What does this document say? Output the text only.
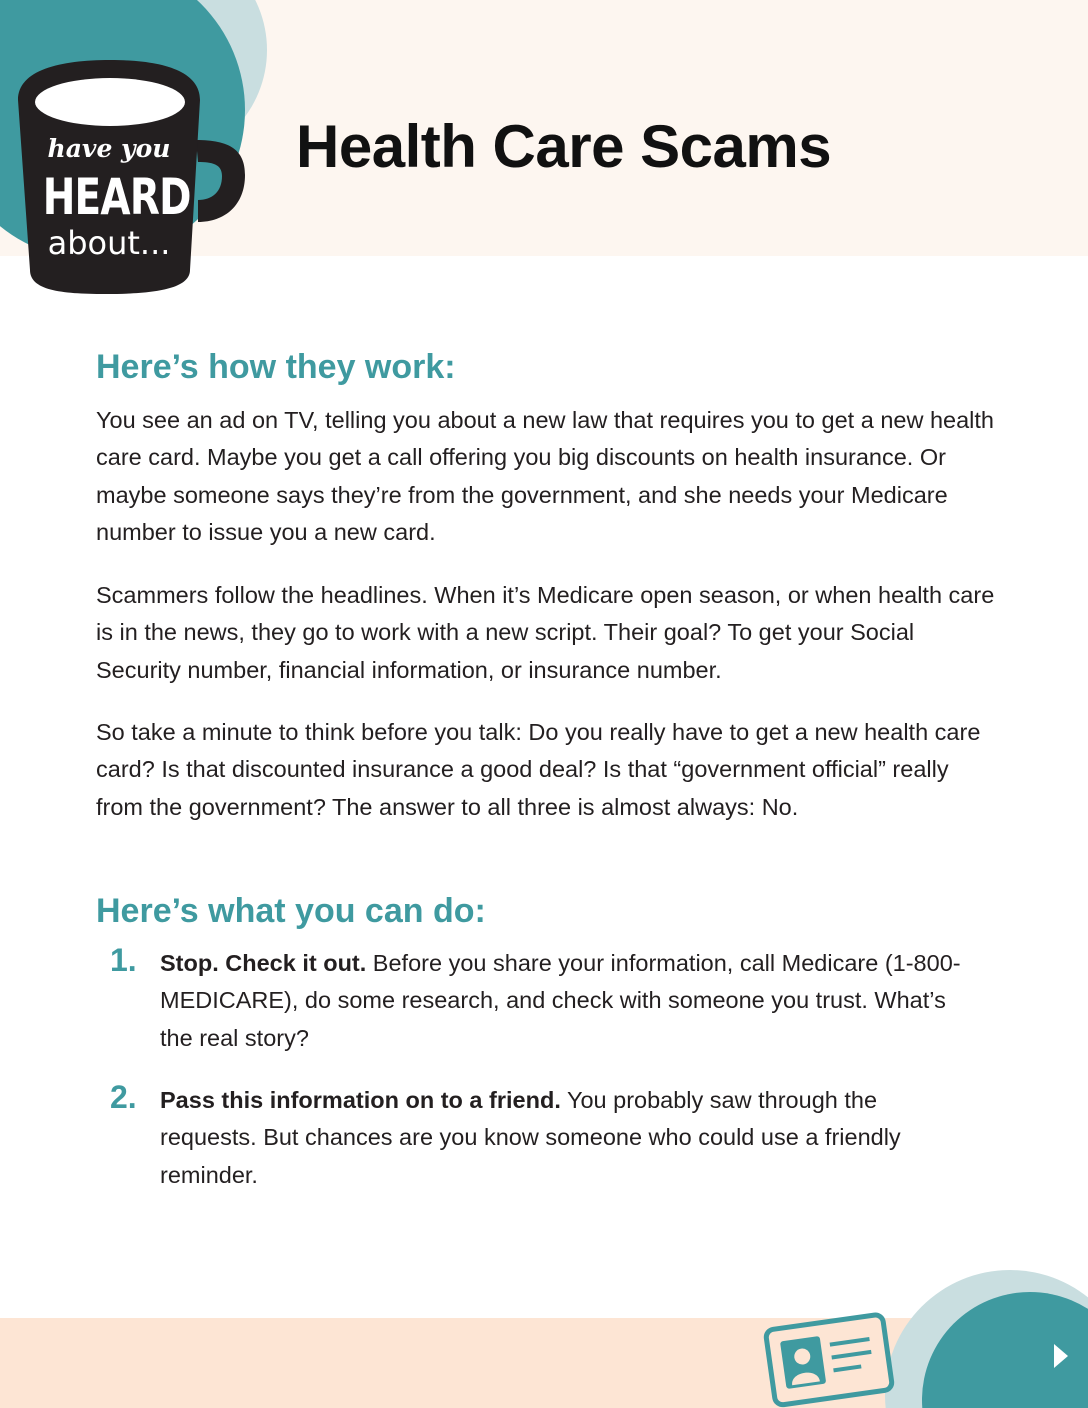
have you
HEARD
about...
Health Care Scams
Here’s how they work:

You see an ad on TV, telling you about a new law that requires you to get a new health care card. Maybe you get a call offering you big discounts on health insurance. Or maybe someone says they’re from the government, and she needs your Medicare number to issue you a new card.

Scammers follow the headlines. When it’s Medicare open season, or when health care is in the news, they go to work with a new script. Their goal? To get your Social Security number, financial information, or insurance number.

So take a minute to think before you talk: Do you really have to get a new health care card? Is that discounted insurance a good deal? Is that “government official” really from the government? The answer to all three is almost always: No.

Here’s what you can do:
1. Stop. Check it out. Before you share your information, call Medicare (1-800-MEDICARE), do some research, and check with someone you trust. What’s the real story?

2. Pass this information on to a friend. You probably saw through the requests. But chances are you know someone who could use a friendly reminder.
